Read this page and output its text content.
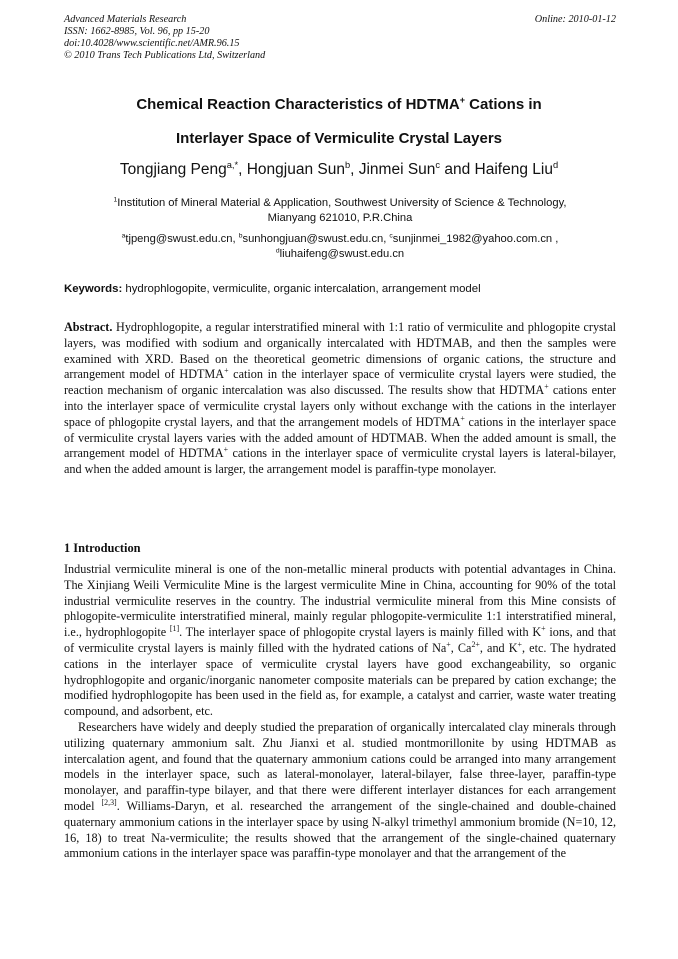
Advanced Materials Research
ISSN: 1662-8985, Vol. 96, pp 15-20
doi:10.4028/www.scientific.net/AMR.96.15
© 2010 Trans Tech Publications Ltd, Switzerland
Online: 2010-01-12
Chemical Reaction Characteristics of HDTMA+ Cations in
Interlayer Space of Vermiculite Crystal Layers
Tongjiang Peng$^{a,*}$, Hongjuan Sun$^b$, Jinmei Sun$^c$ and Haifeng Liu$^d$
$^1$Institution of Mineral Material & Application, Southwest University of Science & Technology,
Mianyang 621010, P.R.China
$^a$tjpeng@swust.edu.cn, $^b$sunhongjuan@swust.edu.cn, $^c$sunjinmei_1982@yahoo.com.cn ,
$^d$liuhaifeng@swust.edu.cn
Keywords: hydrophlogopite, vermiculite, organic intercalation, arrangement model
Abstract. Hydrophlogopite, a regular interstratified mineral with 1:1 ratio of vermiculite and phlogopite crystal layers, was modified with sodium and organically intercalated with HDTMAB, and then the samples were examined with XRD. Based on the theoretical geometric dimensions of organic cations, the structure and arrangement model of HDTMA+ cation in the interlayer space of vermiculite crystal layers were studied, the reaction mechanism of organic intercalation was also discussed. The results show that HDTMA+ cations enter into the interlayer space of vermiculite crystal layers only without exchange with the cations in the interlayer space of phlogopite crystal layers, and that the arrangement models of HDTMA+ cations in the interlayer space of vermiculite crystal layers varies with the added amount of HDTMAB. When the added amount is small, the arrangement model of HDTMA+ cations in the interlayer space of vermiculite crystal layers is lateral-bilayer, and when the added amount is larger, the arrangement model is paraffin-type monolayer.
1 Introduction

Industrial vermiculite mineral is one of the non-metallic mineral products with potential advantages in China. The Xinjiang Weili Vermiculite Mine is the largest vermiculite Mine in China, accounting for 90% of the total industrial vermiculite reserves in the country. The industrial vermiculite mineral from this Mine consists of phlogopite-vermiculite interstratified mineral, mainly regular phlogopite-vermiculite 1:1 interstratified mineral, i.e., hydrophlogopite [1]. The interlayer space of phlogopite crystal layers is mainly filled with K+ ions, and that of vermiculite crystal layers is mainly filled with the hydrated cations of Na+, $Ca^{2+}$, and K+, etc. The hydrated cations in the interlayer space of vermiculite crystal layers have good exchangeability, so organic hydrophlogopite and organic/inorganic nanometer composite materials can be prepared by cation exchange; the modified hydrophlogopite has been used in the field as, for example, a catalyst and carrier, waste water treating compound, and adsorbent, etc.

Researchers have widely and deeply studied the preparation of organically intercalated clay minerals through utilizing quaternary ammonium salt. Zhu Jianxi et al. studied montmorillonite by using HDTMAB as intercalation agent, and found that the quaternary ammonium cations could be arranged into many arrangement models in the interlayer space, such as lateral-monolayer, lateral-bilayer, false three-layer, paraffin-type monolayer, and paraffin-type bilayer, and that there were different interlayer distances for each arrangement model [2,3]. Williams-Daryn, et al. researched the arrangement of the single-chained and double-chained quaternary ammonium cations in the interlayer space by using N-alkyl trimethyl ammonium bromide (N=10, 12, 16, 18) to treat Na-vermiculite; the results showed that the arrangement of the single-chained quaternary ammonium cations in the interlayer space was paraffin-type monolayer and that the arrangement of the
